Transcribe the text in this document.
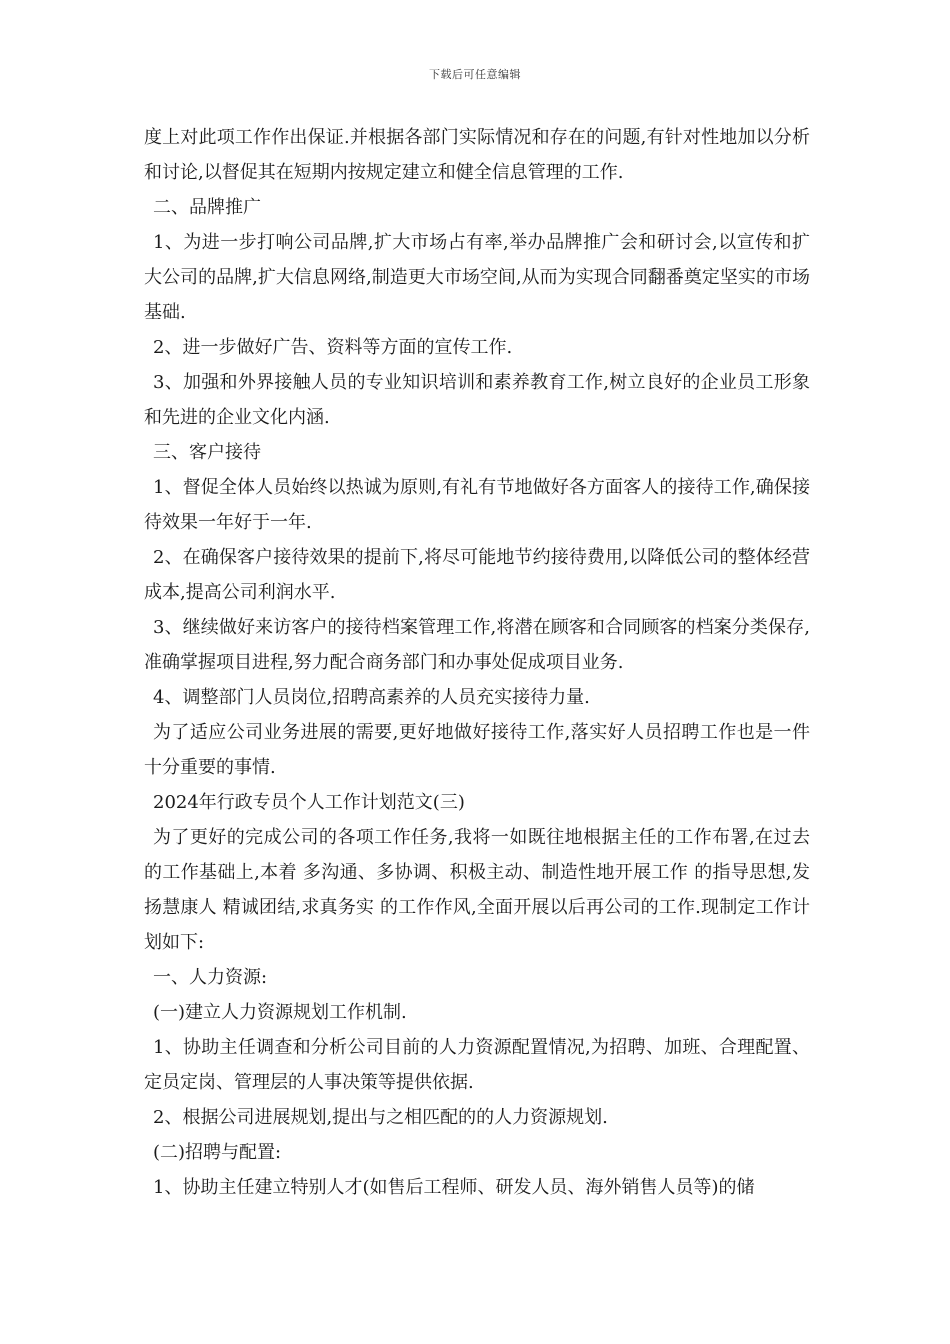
下载后可任意编辑

度上对此项工作作出保证.并根据各部门实际情况和存在的问题,有针对性地加以分析和讨论,以督促其在短期内按规定建立和健全信息管理的工作.

二、品牌推广

1、为进一步打响公司品牌,扩大市场占有率,举办品牌推广会和研讨会,以宣传和扩大公司的品牌,扩大信息网络,制造更大市场空间,从而为实现合同翻番奠定坚实的市场基础.

2、进一步做好广告、资料等方面的宣传工作.

3、加强和外界接触人员的专业知识培训和素养教育工作,树立良好的企业员工形象和先进的企业文化内涵.

三、客户接待

1、督促全体人员始终以热诚为原则,有礼有节地做好各方面客人的接待工作,确保接待效果一年好于一年.

2、在确保客户接待效果的提前下,将尽可能地节约接待费用,以降低公司的整体经营成本,提高公司利润水平.

3、继续做好来访客户的接待档案管理工作,将潜在顾客和合同顾客的档案分类保存,准确掌握项目进程,努力配合商务部门和办事处促成项目业务.

4、调整部门人员岗位,招聘高素养的人员充实接待力量.

为了适应公司业务进展的需要,更好地做好接待工作,落实好人员招聘工作也是一件十分重要的事情.

2024年行政专员个人工作计划范文(三)

为了更好的完成公司的各项工作任务,我将一如既往地根据主任的工作布署,在过去的工作基础上,本着 多沟通、多协调、积极主动、制造性地开展工作 的指导思想,发扬慧康人 精诚团结,求真务实 的工作作风,全面开展以后再公司的工作.现制定工作计划如下:

一、人力资源:

(一)建立人力资源规划工作机制.

1、协助主任调查和分析公司目前的人力资源配置情况,为招聘、加班、合理配置、定员定岗、管理层的人事决策等提供依据.

2、根据公司进展规划,提出与之相匹配的的人力资源规划.

(二)招聘与配置:

1、协助主任建立特别人才(如售后工程师、研发人员、海外销售人员等)的储
